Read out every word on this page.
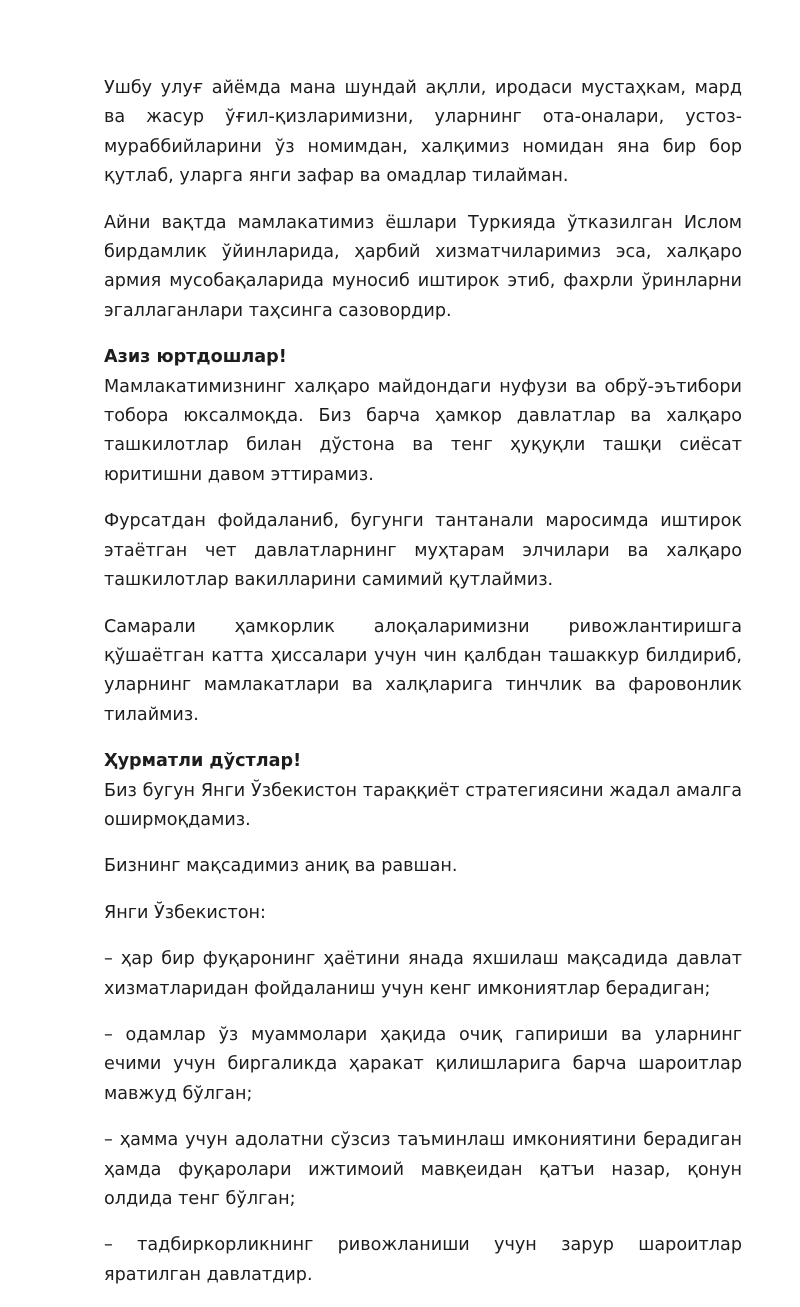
Ушбу улуғ айёмда мана шундай ақлли, иродаси мустаҳкам, мард ва жасур ўғил-қизларимизни, уларнинг ота-оналари, устоз-мураббийларини ўз номимдан, халқимиз номидан яна бир бор қутлаб, уларга янги зафар ва омадлар тилайман.

Айни вақтда мамлакатимиз ёшлари Туркияда ўтказилган Ислом бирдамлик ўйинларида, ҳарбий хизматчиларимиз эса, халқаро армия мусобақаларида муносиб иштирок этиб, фахрли ўринларни эгаллаганлари таҳсинга сазовордир.

Азиз юртдошлар!

Мамлакатимизнинг халқаро майдондаги нуфузи ва обрў-эътибори тобора юксалмоқда. Биз барча ҳамкор давлатлар ва халқаро ташкилотлар билан дўстона ва тенг ҳуқуқли ташқи сиёсат юритишни давом эттирамиз.

Фурсатдан фойдаланиб, бугунги тантанали маросимда иштирок этаётган чет давлатларнинг муҳтарам элчилари ва халқаро ташкилотлар вакилларини самимий қутлаймиз.

Самарали ҳамкорлик алоқаларимизни ривожлантиришга қўшаётган катта ҳиссалари учун чин қалбдан ташаккур билдириб, уларнинг мамлакатлари ва халқларига тинчлик ва фаровонлик тилаймиз.

Ҳурматли дўстлар!

Биз бугун Янги Ўзбекистон тараққиёт стратегиясини жадал амалга оширмоқдамиз.

Бизнинг мақсадимиз аниқ ва равшан.

Янги Ўзбекистон:

– ҳар бир фуқаронинг ҳаётини янада яхшилаш мақсадида давлат хизматларидан фойдаланиш учун кенг имкониятлар берадиган;

– одамлар ўз муаммолари ҳақида очиқ гапириши ва уларнинг ечими учун биргаликда ҳаракат қилишларига барча шароитлар мавжуд бўлган;

– ҳамма учун адолатни сўзсиз таъминлаш имкониятини берадиган ҳамда фуқаролари ижтимоий мавқеидан қатъи назар, қонун олдида тенг бўлган;

– тадбиркорликнинг ривожланиши учун зарур шароитлар яратилган давлатдир.
